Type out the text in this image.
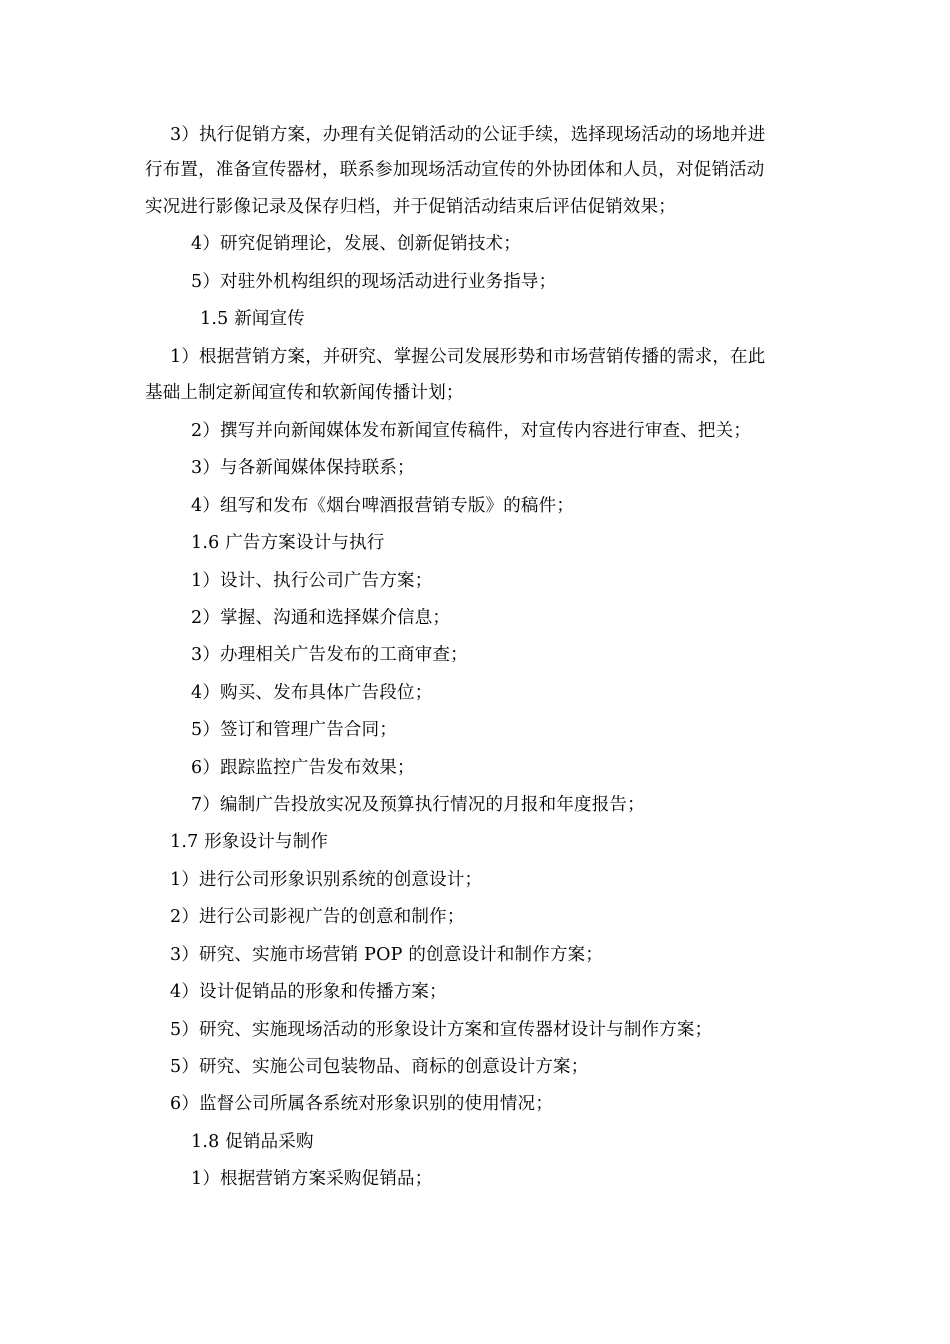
3）执行促销方案，办理有关促销活动的公证手续，选择现场活动的场地并进
行布置，准备宣传器材，联系参加现场活动宣传的外协团体和人员，对促销活动
实况进行影像记录及保存归档，并于促销活动结束后评估促销效果；
4）研究促销理论，发展、创新促销技术；
5）对驻外机构组织的现场活动进行业务指导；
1.5 新闻宣传
1）根据营销方案，并研究、掌握公司发展形势和市场营销传播的需求，在此
基础上制定新闻宣传和软新闻传播计划；
2）撰写并向新闻媒体发布新闻宣传稿件，对宣传内容进行审查、把关；
3）与各新闻媒体保持联系；
4）组写和发布《烟台啤酒报营销专版》的稿件；
1.6 广告方案设计与执行
1）设计、执行公司广告方案；
2）掌握、沟通和选择媒介信息；
3）办理相关广告发布的工商审查；
4）购买、发布具体广告段位；
5）签订和管理广告合同；
6）跟踪监控广告发布效果；
7）编制广告投放实况及预算执行情况的月报和年度报告；
1.7 形象设计与制作
1）进行公司形象识别系统的创意设计；
2）进行公司影视广告的创意和制作；
3）研究、实施市场营销 POP 的创意设计和制作方案；
4）设计促销品的形象和传播方案；
5）研究、实施现场活动的形象设计方案和宣传器材设计与制作方案；
5）研究、实施公司包装物品、商标的创意设计方案；
6）监督公司所属各系统对形象识别的使用情况；
1.8 促销品采购
1）根据营销方案采购促销品；
